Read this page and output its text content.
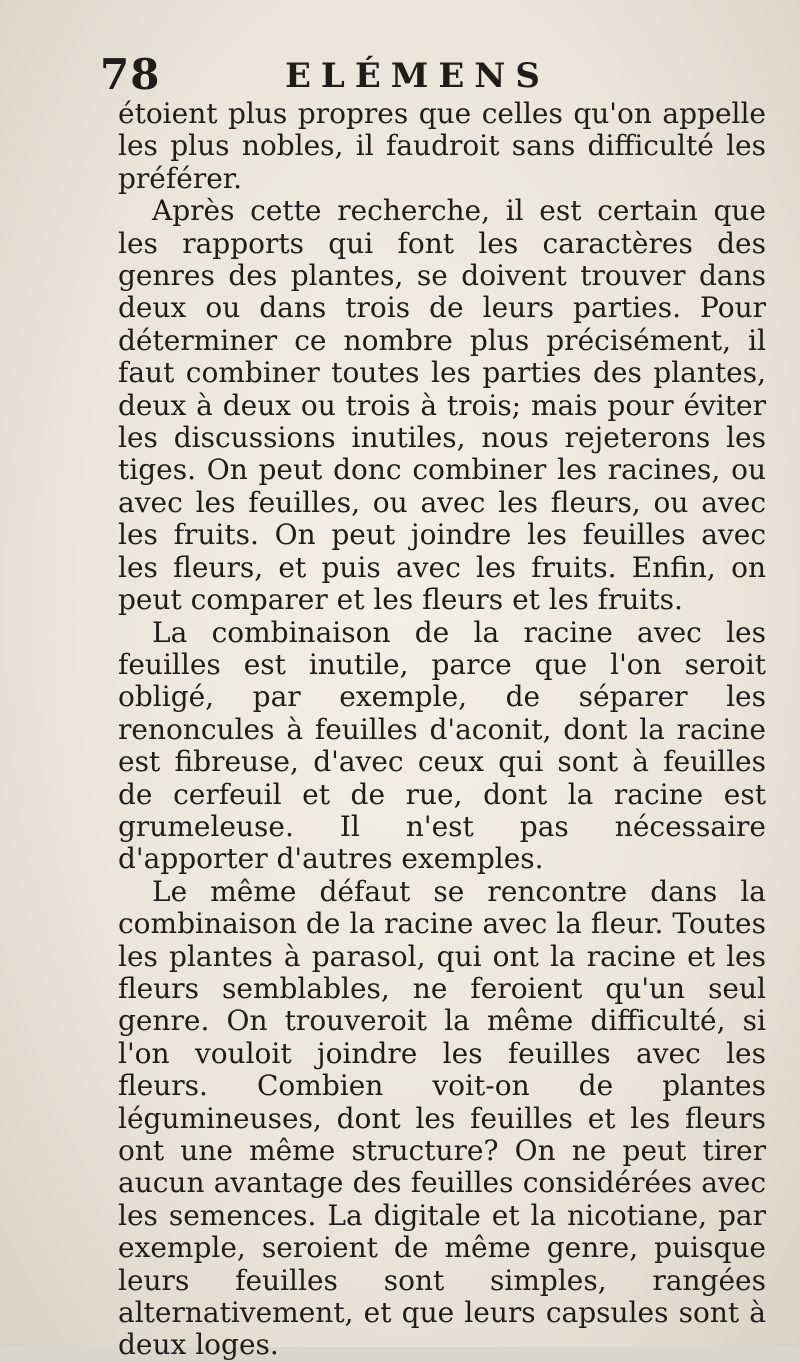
78	ELÉMENS

étoient plus propres que celles qu'on appelle les plus nobles, il faudroit sans difficulté les préférer.

Après cette recherche, il est certain que les rapports qui font les caractères des genres des plantes, se doivent trouver dans deux ou dans trois de leurs parties. Pour déterminer ce nombre plus précisément, il faut combiner toutes les parties des plantes, deux à deux ou trois à trois; mais pour éviter les discussions inutiles, nous rejeterons les tiges. On peut donc combiner les racines, ou avec les feuilles, ou avec les fleurs, ou avec les fruits. On peut joindre les feuilles avec les fleurs, et puis avec les fruits. Enfin, on peut comparer et les fleurs et les fruits.

La combinaison de la racine avec les feuilles est inutile, parce que l'on seroit obligé, par exemple, de séparer les renoncules à feuilles d'aconit, dont la racine est fibreuse, d'avec ceux qui sont à feuilles de cerfeuil et de rue, dont la racine est grumeleuse. Il n'est pas nécessaire d'apporter d'autres exemples.

Le même défaut se rencontre dans la combinaison de la racine avec la fleur. Toutes les plantes à parasol, qui ont la racine et les fleurs semblables, ne feroient qu'un seul genre. On trouveroit la même difficulté, si l'on vouloit joindre les feuilles avec les fleurs. Combien voit-on de plantes légumineuses, dont les feuilles et les fleurs ont une même structure? On ne peut tirer aucun avantage des feuilles considérées avec les semences. La digitale et la nicotiane, par exemple, seroient de même genre, puisque leurs feuilles sont simples, rangées alternativement, et que leurs capsules sont à deux loges.
